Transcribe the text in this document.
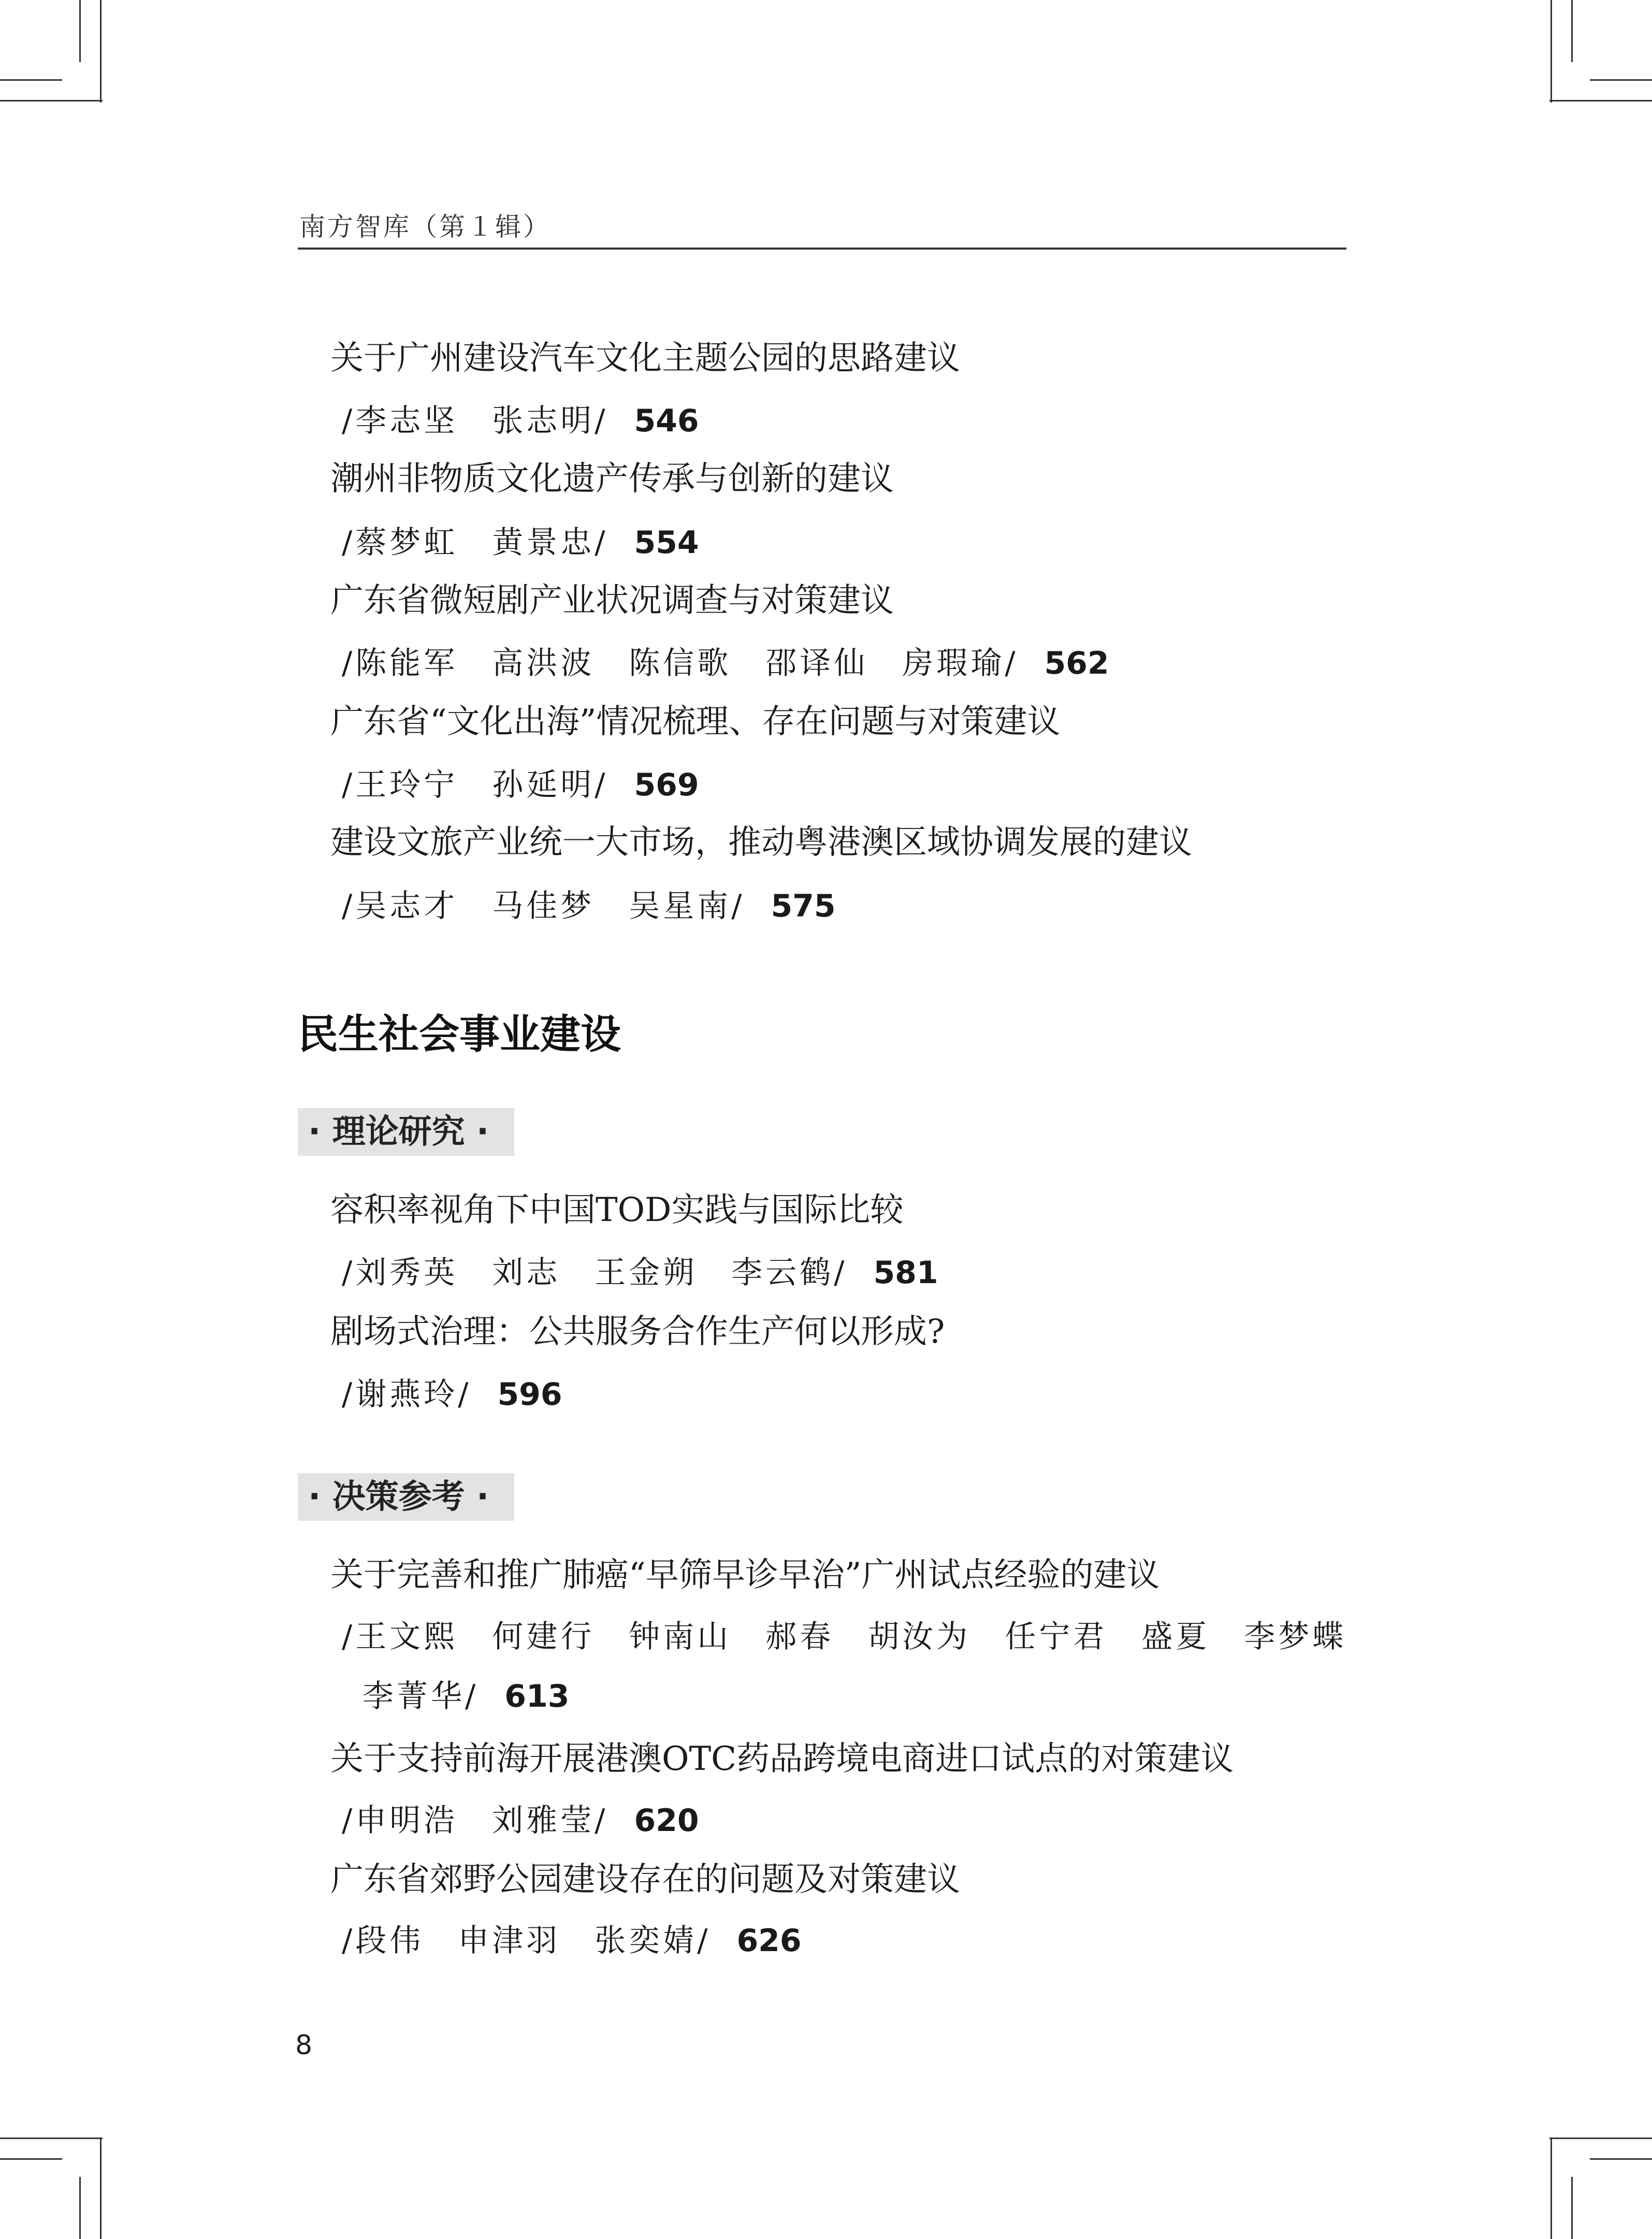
南方智库（第１辑）
关于广州建设汽车文化主题公园的思路建议
/李志坚　张志明/ 546
潮州非物质文化遗产传承与创新的建议
/蔡梦虹　黄景忠/ 554
广东省微短剧产业状况调查与对策建议
/陈能军　高洪波　陈信歌　邵译仙　房瑕瑜/ 562
广东省“文化出海”情况梳理、存在问题与对策建议
/王玲宁　孙延明/ 569
建设文旅产业统一大市场，推动粤港澳区域协调发展的建议
/吴志才　马佳梦　吴星南/ 575
民生社会事业建设
· 理论研究 ·
容积率视角下中国TOD实践与国际比较
/刘秀英　刘志　王金朔　李云鹤/ 581
剧场式治理：公共服务合作生产何以形成?
/谢燕玲/ 596
· 决策参考 ·
关于完善和推广肺癌“早筛早诊早治”广州试点经验的建议
/王文熙　何建行　钟南山　郝春　胡汝为　任宁君　盛夏　李梦蝶
李菁华/ 613
关于支持前海开展港澳OTC药品跨境电商进口试点的对策建议
/申明浩　刘雅莹/ 620
广东省郊野公园建设存在的问题及对策建议
/段伟　申津羽　张奕婧/ 626
8
